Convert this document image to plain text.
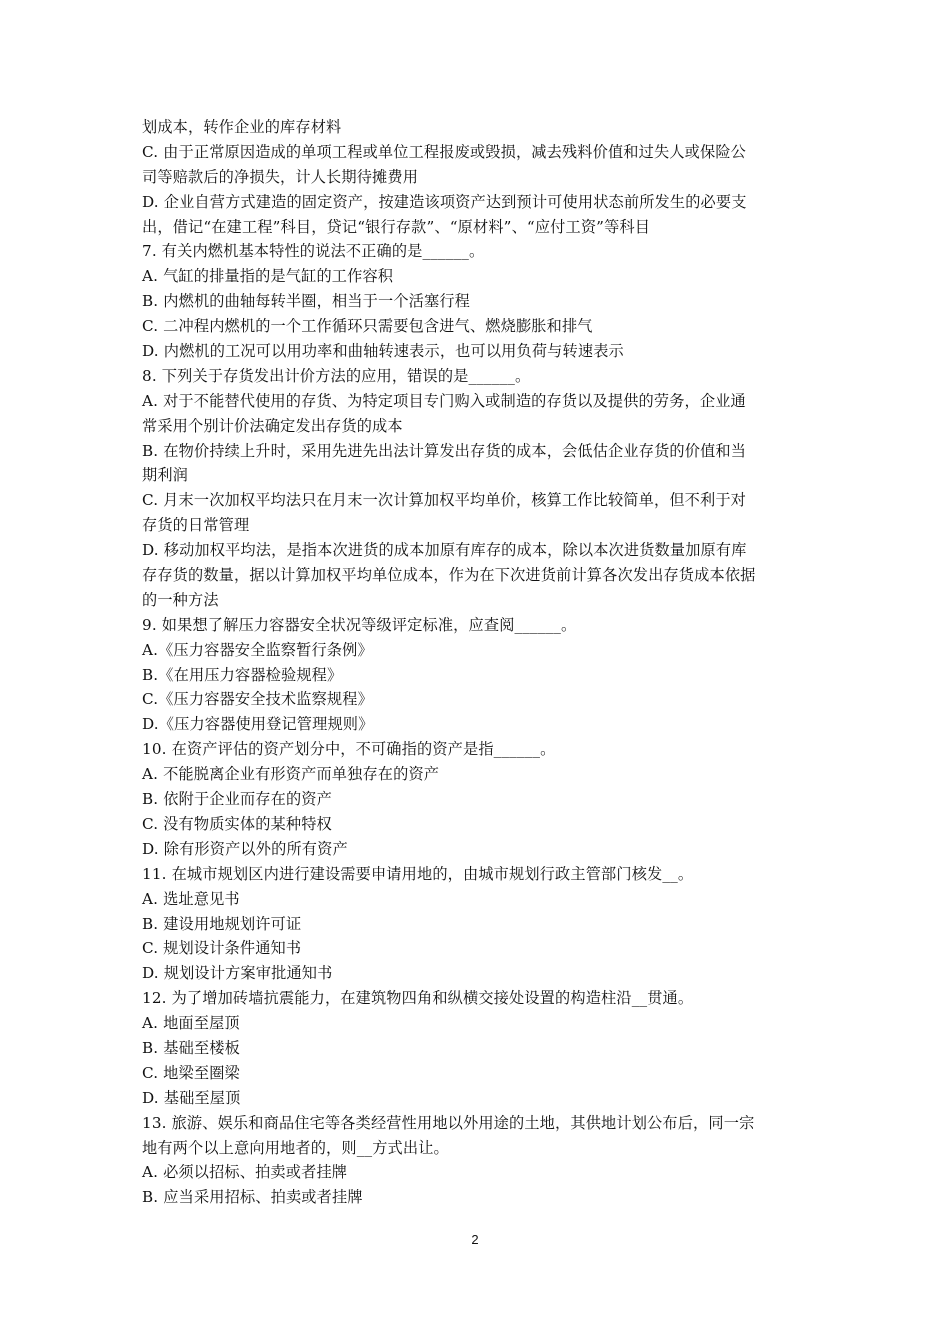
划成本，转作企业的库存材料
C. 由于正常原因造成的单项工程或单位工程报废或毁损，减去残料价值和过失人或保险公
司等赔款后的净损失，计人长期待摊费用
D. 企业自营方式建造的固定资产，按建造该项资产达到预计可使用状态前所发生的必要支
出，借记“在建工程”科目，贷记“银行存款”、“原材料”、“应付工资”等科目
7. 有关内燃机基本特性的说法不正确的是______。
A. 气缸的排量指的是气缸的工作容积
B. 内燃机的曲轴每转半圈，相当于一个活塞行程
C. 二冲程内燃机的一个工作循环只需要包含进气、燃烧膨胀和排气
D. 内燃机的工况可以用功率和曲轴转速表示，也可以用负荷与转速表示
8. 下列关于存货发出计价方法的应用，错误的是______。
A. 对于不能替代使用的存货、为特定项目专门购入或制造的存货以及提供的劳务，企业通
常采用个别计价法确定发出存货的成本
B. 在物价持续上升时，采用先进先出法计算发出存货的成本，会低估企业存货的价值和当
期利润
C. 月末一次加权平均法只在月末一次计算加权平均单价，核算工作比较简单，但不利于对
存货的日常管理
D. 移动加权平均法，是指本次进货的成本加原有库存的成本，除以本次进货数量加原有库
存存货的数量，据以计算加权平均单位成本，作为在下次进货前计算各次发出存货成本依据
的一种方法
9. 如果想了解压力容器安全状况等级评定标准，应查阅______。
A.《压力容器安全监察暂行条例》
B.《在用压力容器检验规程》
C.《压力容器安全技术监察规程》
D.《压力容器使用登记管理规则》
10. 在资产评估的资产划分中，不可确指的资产是指______。
A. 不能脱离企业有形资产而单独存在的资产
B. 依附于企业而存在的资产
C. 没有物质实体的某种特权
D. 除有形资产以外的所有资产
11. 在城市规划区内进行建设需要申请用地的，由城市规划行政主管部门核发__。
A. 选址意见书
B. 建设用地规划许可证
C. 规划设计条件通知书
D. 规划设计方案审批通知书
12. 为了增加砖墙抗震能力，在建筑物四角和纵横交接处设置的构造柱沿__贯通。
A. 地面至屋顶
B. 基础至楼板
C. 地梁至圈梁
D. 基础至屋顶
13. 旅游、娱乐和商品住宅等各类经营性用地以外用途的土地，其供地计划公布后，同一宗
地有两个以上意向用地者的，则__方式出让。
A. 必须以招标、拍卖或者挂牌
B. 应当采用招标、拍卖或者挂牌
2
